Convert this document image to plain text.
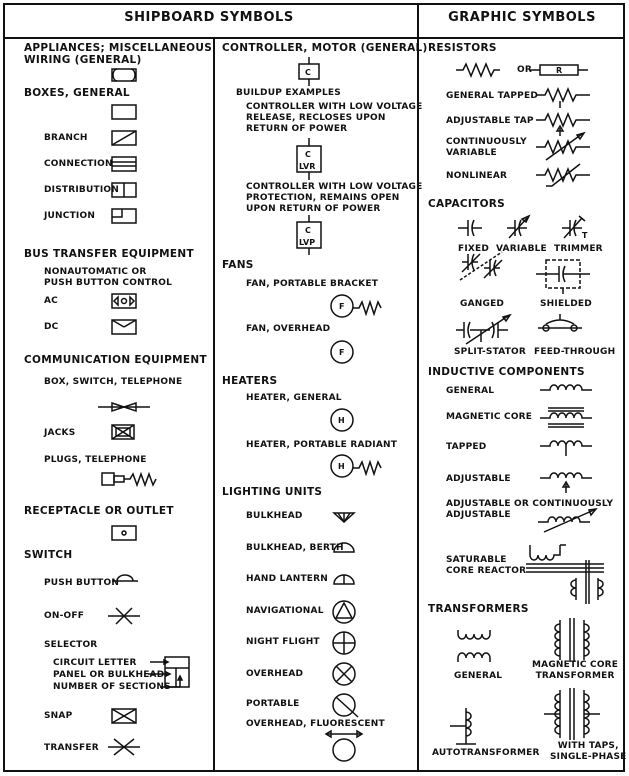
SHIPBOARD SYMBOLS	GRAPHIC SYMBOLS
APPLIANCES; MISCELLANEOUS
WIRING (GENERAL)
BOXES, GENERAL
BRANCH
CONNECTION
DISTRIBUTION
JUNCTION
BUS TRANSFER EQUIPMENT
NONAUTOMATIC OR
PUSH BUTTON CONTROL
AC
DC
COMMUNICATION EQUIPMENT
BOX, SWITCH, TELEPHONE
JACKS
PLUGS, TELEPHONE
RECEPTACLE OR OUTLET
SWITCH
PUSH BUTTON
ON-OFF
SELECTOR
CIRCUIT LETTER
PANEL OR BULKHEAD
NUMBER OF SECTIONS
SNAP
TRANSFER
CONTROLLER, MOTOR (GENERAL)
BUILDUP EXAMPLES
CONTROLLER WITH LOW VOLTAGE
RELEASE, RECLOSES UPON
RETURN OF POWER
CONTROLLER WITH LOW VOLTAGE
PROTECTION, REMAINS OPEN
UPON RETURN OF POWER
FANS
FAN, PORTABLE BRACKET
FAN, OVERHEAD
HEATERS
HEATER, GENERAL
HEATER, PORTABLE RADIANT
LIGHTING UNITS
BULKHEAD
BULKHEAD, BERTH
HAND LANTERN
NAVIGATIONAL
NIGHT FLIGHT
OVERHEAD
PORTABLE
OVERHEAD, FLUORESCENT
RESISTORS
OR
GENERAL TAPPED
ADJUSTABLE TAP
CONTINUOUSLY
VARIABLE
NONLINEAR
CAPACITORS
FIXED VARIABLE TRIMMER
GANGED	SHIELDED
SPLIT-STATOR FEED-THROUGH
INDUCTIVE COMPONENTS
GENERAL
MAGNETIC CORE
TAPPED
ADJUSTABLE
ADJUSTABLE OR CONTINUOUSLY
ADJUSTABLE
SATURABLE
CORE REACTOR
TRANSFORMERS
GENERAL
MAGNETIC CORE
TRANSFORMER
AUTOTRANSFORMER
WITH TAPS,
SINGLE-PHASE
C
C
LVR
C
LVP
F
F
H
H
R
T
